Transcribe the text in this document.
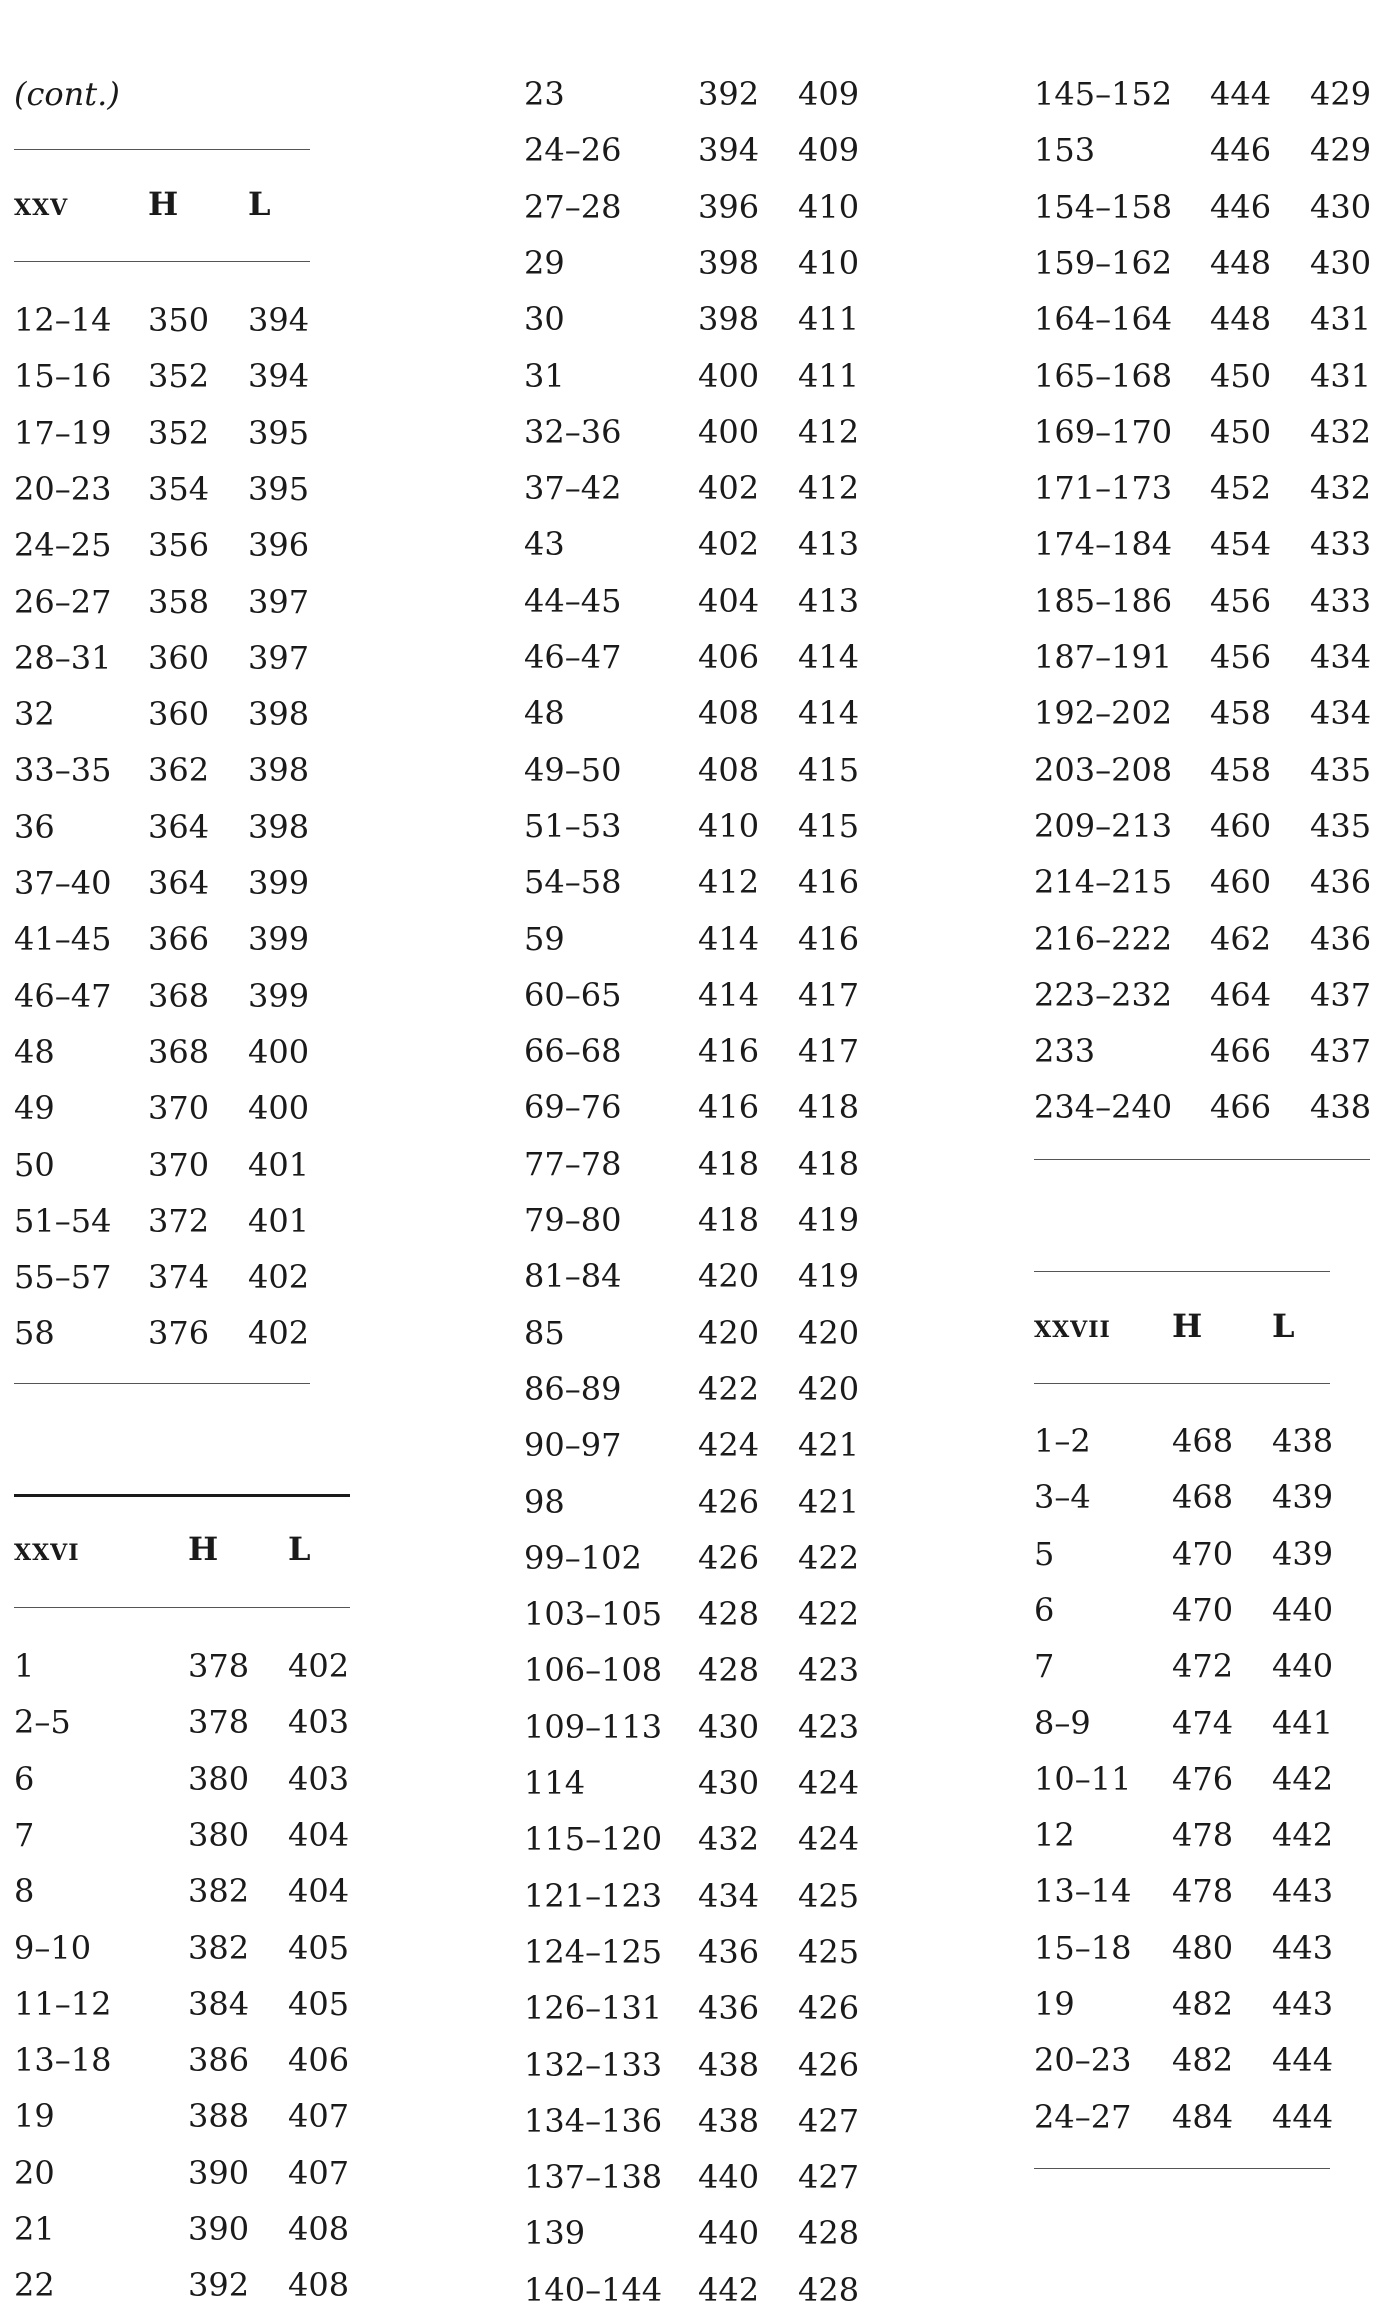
(cont.)
xxv H L
12–14 350 394
15–16 352 394
17–19 352 395
20–23 354 395
24–25 356 396
26–27 358 397
28–31 360 397
32	360 398
33–35 362 398
36	364 398
37–40 364 399
41–45 366 399
46–47 368 399
48	368 400
49	370 400
50	370 401
51–54 372 401
55–57 374 402
58	376 402
xxvi	H L
1	378 402
2–5	378 403
6	380 403
7	380 404
8	382 404
9–10	382 405
11–12 384 405
13–18 386 406
19	388 407
20	390 407
21	390 408
22	392 408
23	392 409
24–26 394 409
27–28 396 410
29	398 410
30	398 411
31	400 411
32–36 400 412
37–42 402 412
43	402 413
44–45 404 413
46–47 406 414
48	408 414
49–50 408 415
51–53 410 415
54–58 412 416
59	414 416
60–65 414 417
66–68 416 417
69–76 416 418
77–78 418 418
79–80 418 419
81–84 420 419
85	420 420
86–89 422 420
90–97 424 421
98	426 421
99–102 426 422
103–105 428 422
106–108 428 423
109–113 430 423
114	430 424
115–120 432 424
121–123 434 425
124–125 436 425
126–131 436 426
132–133 438 426
134–136 438 427
137–138 440 427
139	440 428
140–144 442 428
145–152 444 429
153	446 429
154–158 446 430
159–162 448 430
164–164 448 431
165–168 450 431
169–170 450 432
171–173 452 432
174–184 454 433
185–186 456 433
187–191 456 434
192–202 458 434
203–208 458 435
209–213 460 435
214–215 460 436
216–222 462 436
223–232 464 437
233	466 437
234–240 466 438
xxvii H L
1–2	468 438
3–4	468 439
5	470 439
6	470 440
7	472 440
8–9	474 441
10–11 476 442
12	478 442
13–14 478 443
15–18 480 443
19	482 443
20–23 482 444
24–27 484 444
